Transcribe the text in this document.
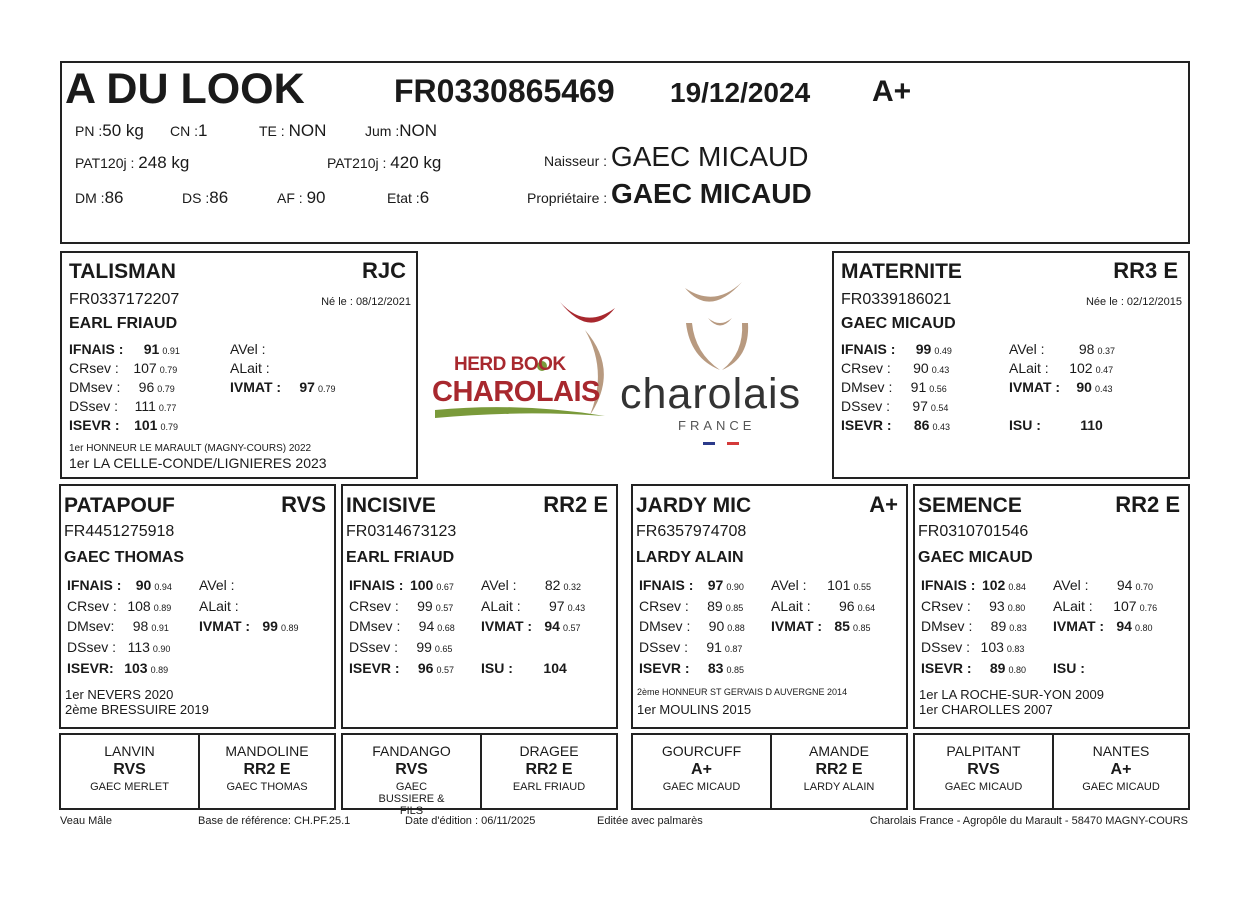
A DU LOOK	FR0330865469 19/12/2024 A+
PN :50 kg CN :1	TE : NON	Jum :NON
PAT120j : 248 kg	PAT210j : 420 kg
DM :86	DS :86	AF : 90	Etat :6
Naisseur : GAEC MICAUD
Propriétaire : GAEC MICAUD
TALISMAN	RJC
FR0337172207	Né le : 08/12/2021
EARL FRIAUD
IFNAIS : 91 0.91
CRsev : 107 0.79
DMsev : 96 0.79
DSsev : 111 0.77
ISEVR : 101 0.79
AVel :
ALait :
IVMAT : 97 0.79
1er HONNEUR LE MARAULT (MAGNY-COURS) 2022
1er LA CELLE-CONDE/LIGNIERES 2023
HERD BOOK
CHAROLAIS charolais
FRANCE
MATERNITE	RR3 E
FR0339186021	Née le : 02/12/2015
GAEC MICAUD
IFNAIS : 99 0.49
CRsev : 90 0.43
DMsev : 91 0.56
DSsev : 97 0.54
ISEVR : 86 0.43
AVel : 98 0.37
ALait : 102 0.47
IVMAT : 90 0.43
ISU :	110
PATAPOUF	RVS
FR4451275918
GAEC THOMAS
IFNAIS : 90 0.94
CRsev : 108 0.89
DMsev: 98 0.91
DSsev : 113 0.90
ISEVR: 103 0.89
AVel :
ALait :
IVMAT : 99 0.89
1er NEVERS 2020
2ème BRESSUIRE 2019
INCISIVE	RR2 E
FR0314673123
EARL FRIAUD
IFNAIS : 100 0.67
CRsev : 99 0.57
DMsev : 94 0.68
DSsev : 99 0.65
ISEVR : 96 0.57
AVel : 82 0.32
ALait : 97 0.43
IVMAT : 94 0.57
ISU : 104
JARDY MIC	A+
FR6357974708
LARDY ALAIN
IFNAIS : 97 0.90
CRsev : 89 0.85
DMsev : 90 0.88
DSsev : 91 0.87
ISEVR : 83 0.85
AVel : 101 0.55
ALait : 96 0.64
IVMAT : 85 0.85
2ème HONNEUR ST GERVAIS D AUVERGNE 2014
1er MOULINS 2015
SEMENCE	RR2 E
FR0310701546
GAEC MICAUD
IFNAIS : 102 0.84
CRsev : 93 0.80
DMsev : 89 0.83
DSsev : 103 0.83
ISEVR : 89 0.80
AVel : 94 0.70
ALait : 107 0.76
IVMAT : 94 0.80
ISU :
1er LA ROCHE-SUR-YON 2009
1er CHAROLLES 2007
LANVIN
RVS
GAEC MERLET
MANDOLINE
RR2 E
GAEC THOMAS
FANDANGO
RVS
GAEC BUSSIERE & FILS
DRAGEE
RR2 E
EARL FRIAUD
GOURCUFF
A+
GAEC MICAUD
AMANDE
RR2 E
LARDY ALAIN
PALPITANT
RVS
GAEC MICAUD
NANTES
A+
GAEC MICAUD
Veau Mâle	Base de référence: CH.PF.25.1	Date d'édition : 06/11/2025	Editée avec palmarès	Charolais France - Agropôle du Marault - 58470 MAGNY-COURS
